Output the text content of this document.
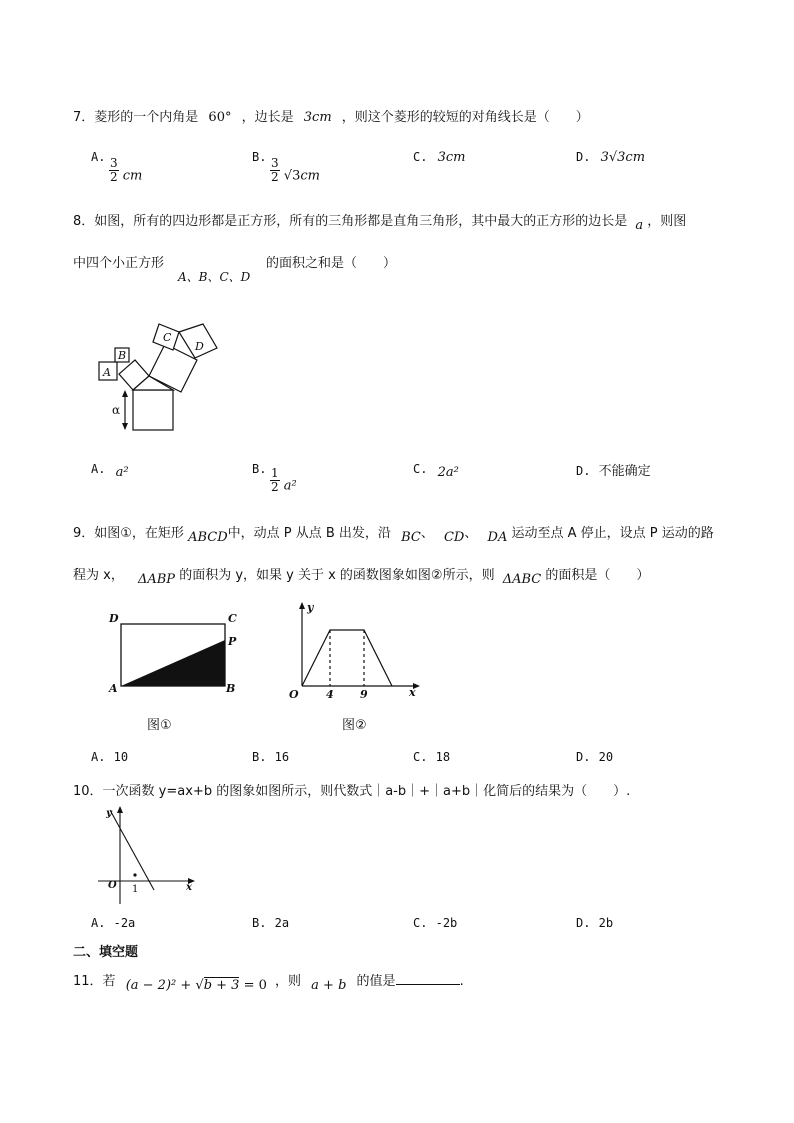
7．菱形的一个内角是 60° ，边长是 3cm ，则这个菱形的较短的对角线长是（　　）
A. $\frac{3}{2}$ cm
B. $\frac{3}{2} √3cm$
C. 3cm	D. 3√3cm
8．如图，所有的四边形都是正方形，所有的三角形都是直角三角形，其中最大的正方形的边长是 a ，则图
中四个小正方形
A、B、C、D
的面积之和是（　　）
A
B
C
D
α
A. a²	B. $\frac{1}{2} a^2$
C. 2a²	D. 不能确定
9．如图①，在矩形 ABCD中，动点 P 从点 B 出发，沿 BC、 CD、 DA 运动至点 A 停止，设点 P 运动的路
程为 x， ΔABP 的面积为 y，如果 y 关于 x 的函数图象如图②所示，则 ΔABC 的面积是（　　）
D	C
P
A	B
图①
y
x
O 4 9
图②
A. 10	B. 16	C. 18	D. 20
10．一次函数 y=ax+b 的图象如图所示，则代数式｜a-b｜+｜a+b｜化简后的结果为（　　）.
y
x
O 1
A. -2a	B. 2a	C. -2b	D. 2b
二、填空题
11．若 (a − 2)² + √b + 3 = 0 ，则 a + b 的值是	.
